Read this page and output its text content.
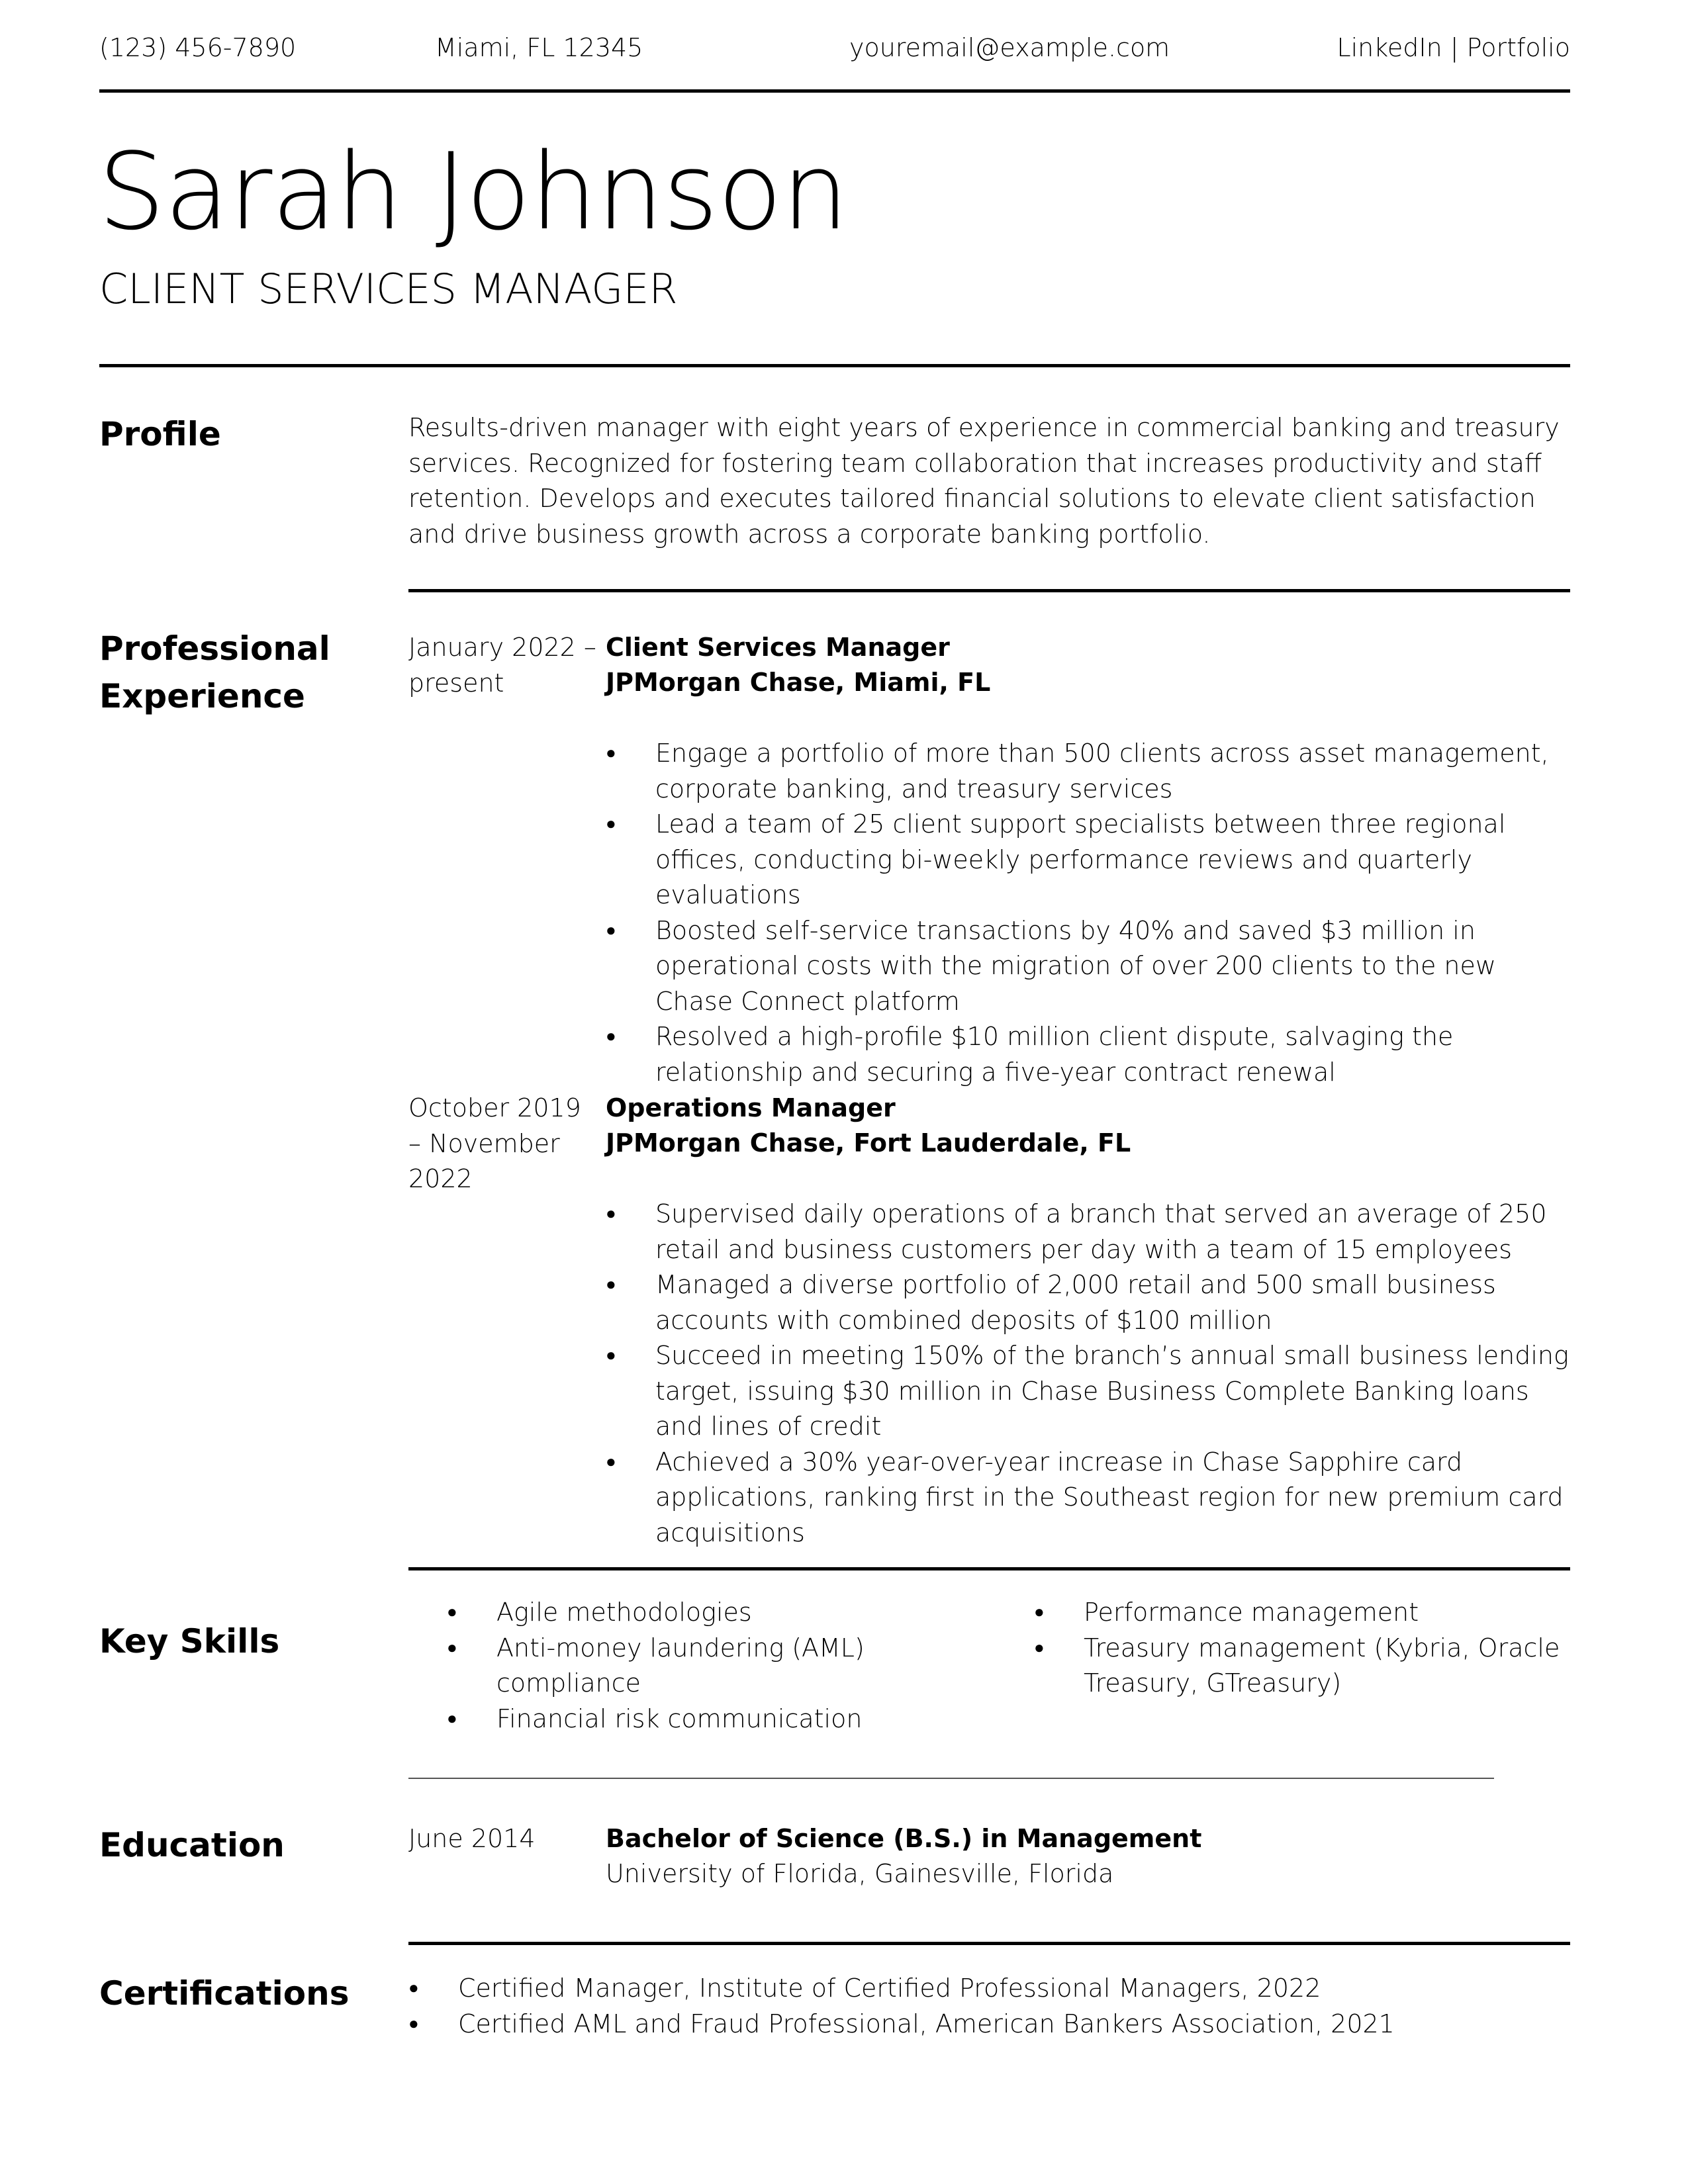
(123) 456-7890	Miami, FL 12345	youremail@example.com	LinkedIn | Portfolio
Sarah Johnson
CLIENT SERVICES MANAGER
Profile	Results-driven manager with eight years of experience in commercial banking and treasury services. Recognized for fostering team collaboration that increases productivity and staff retention. Develops and executes tailored financial solutions to elevate client satisfaction and drive business growth across a corporate banking portfolio.
Professional Experience
January 2022 – present
Client Services Manager
JPMorgan Chase, Miami, FL
● Engage a portfolio of more than 500 clients across asset management, corporate banking, and treasury services
● Lead a team of 25 client support specialists between three regional offices, conducting bi-weekly performance reviews and quarterly evaluations
● Boosted self-service transactions by 40% and saved $3 million in operational costs with the migration of over 200 clients to the new Chase Connect platform
● Resolved a high-profile $10 million client dispute, salvaging the relationship and securing a five-year contract renewal
October 2019 – November 2022
Operations Manager
JPMorgan Chase, Fort Lauderdale, FL
● Supervised daily operations of a branch that served an average of 250 retail and business customers per day with a team of 15 employees
● Managed a diverse portfolio of 2,000 retail and 500 small business accounts with combined deposits of $100 million
● Succeed in meeting 150% of the branch’s annual small business lending target, issuing $30 million in Chase Business Complete Banking loans and lines of credit
● Achieved a 30% year-over-year increase in Chase Sapphire card applications, ranking first in the Southeast region for new premium card acquisitions
Key Skills
● Agile methodologies
● Anti-money laundering (AML) compliance
● Financial risk communication
● Performance management
● Treasury management (Kybria, Oracle Treasury, GTreasury)
Education	June 2014	Bachelor of Science (B.S.) in Management
University of Florida, Gainesville, Florida
Certifications
●	Certified Manager, Institute of Certified Professional Managers, 2022
● Certified AML and Fraud Professional, American Bankers Association, 2021
